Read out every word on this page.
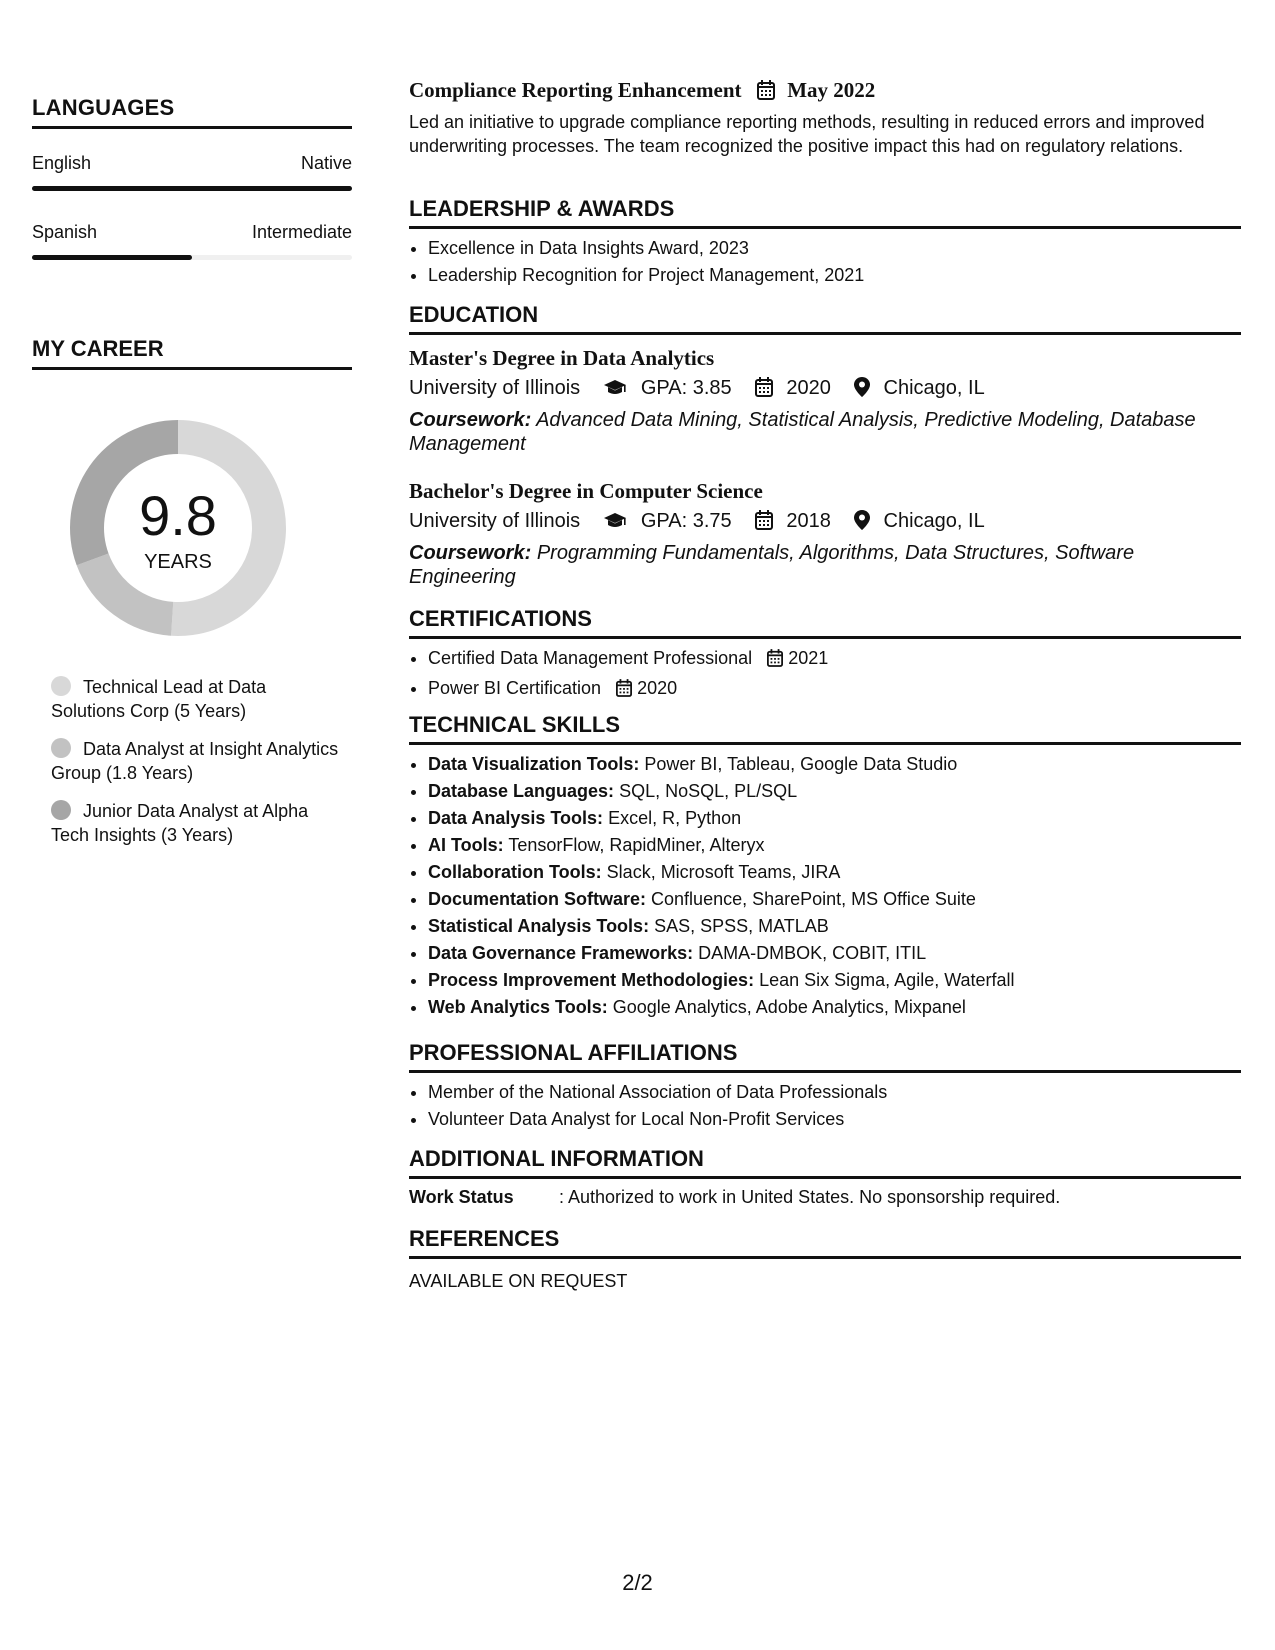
LANGUAGES
English	Native
Spanish	Intermediate
MY CAREER
9.8
YEARS
Technical Lead at Data Solutions Corp (5 Years)
Data Analyst at Insight Analytics Group (1.8 Years)
Junior Data Analyst at Alpha Tech Insights (3 Years)
Compliance Reporting Enhancement May 2022
Led an initiative to upgrade compliance reporting methods, resulting in reduced errors and improved underwriting processes. The team recognized the positive impact this had on regulatory relations.
LEADERSHIP & AWARDS
• Excellence in Data Insights Award, 2023
• Leadership Recognition for Project Management, 2021
EDUCATION
Master's Degree in Data Analytics
University of Illinois	GPA: 3.85	2020	Chicago, IL
Coursework: Advanced Data Mining, Statistical Analysis, Predictive Modeling, Database Management
Bachelor's Degree in Computer Science
University of Illinois	GPA: 3.75	2018	Chicago, IL
Coursework: Programming Fundamentals, Algorithms, Data Structures, Software Engineering
CERTIFICATIONS
• Certified Data Management Professional 2021
• Power BI Certification 2020
TECHNICAL SKILLS
• Data Visualization Tools: Power BI, Tableau, Google Data Studio
• Database Languages: SQL, NoSQL, PL/SQL
• Data Analysis Tools: Excel, R, Python
• AI Tools: TensorFlow, RapidMiner, Alteryx
• Collaboration Tools: Slack, Microsoft Teams, JIRA
• Documentation Software: Confluence, SharePoint, MS Office Suite
• Statistical Analysis Tools: SAS, SPSS, MATLAB
• Data Governance Frameworks: DAMA-DMBOK, COBIT, ITIL
• Process Improvement Methodologies: Lean Six Sigma, Agile, Waterfall
• Web Analytics Tools: Google Analytics, Adobe Analytics, Mixpanel
PROFESSIONAL AFFILIATIONS
• Member of the National Association of Data Professionals
• Volunteer Data Analyst for Local Non-Profit Services
ADDITIONAL INFORMATION
Work Status	: Authorized to work in United States. No sponsorship required.
REFERENCES
AVAILABLE ON REQUEST
2/2
